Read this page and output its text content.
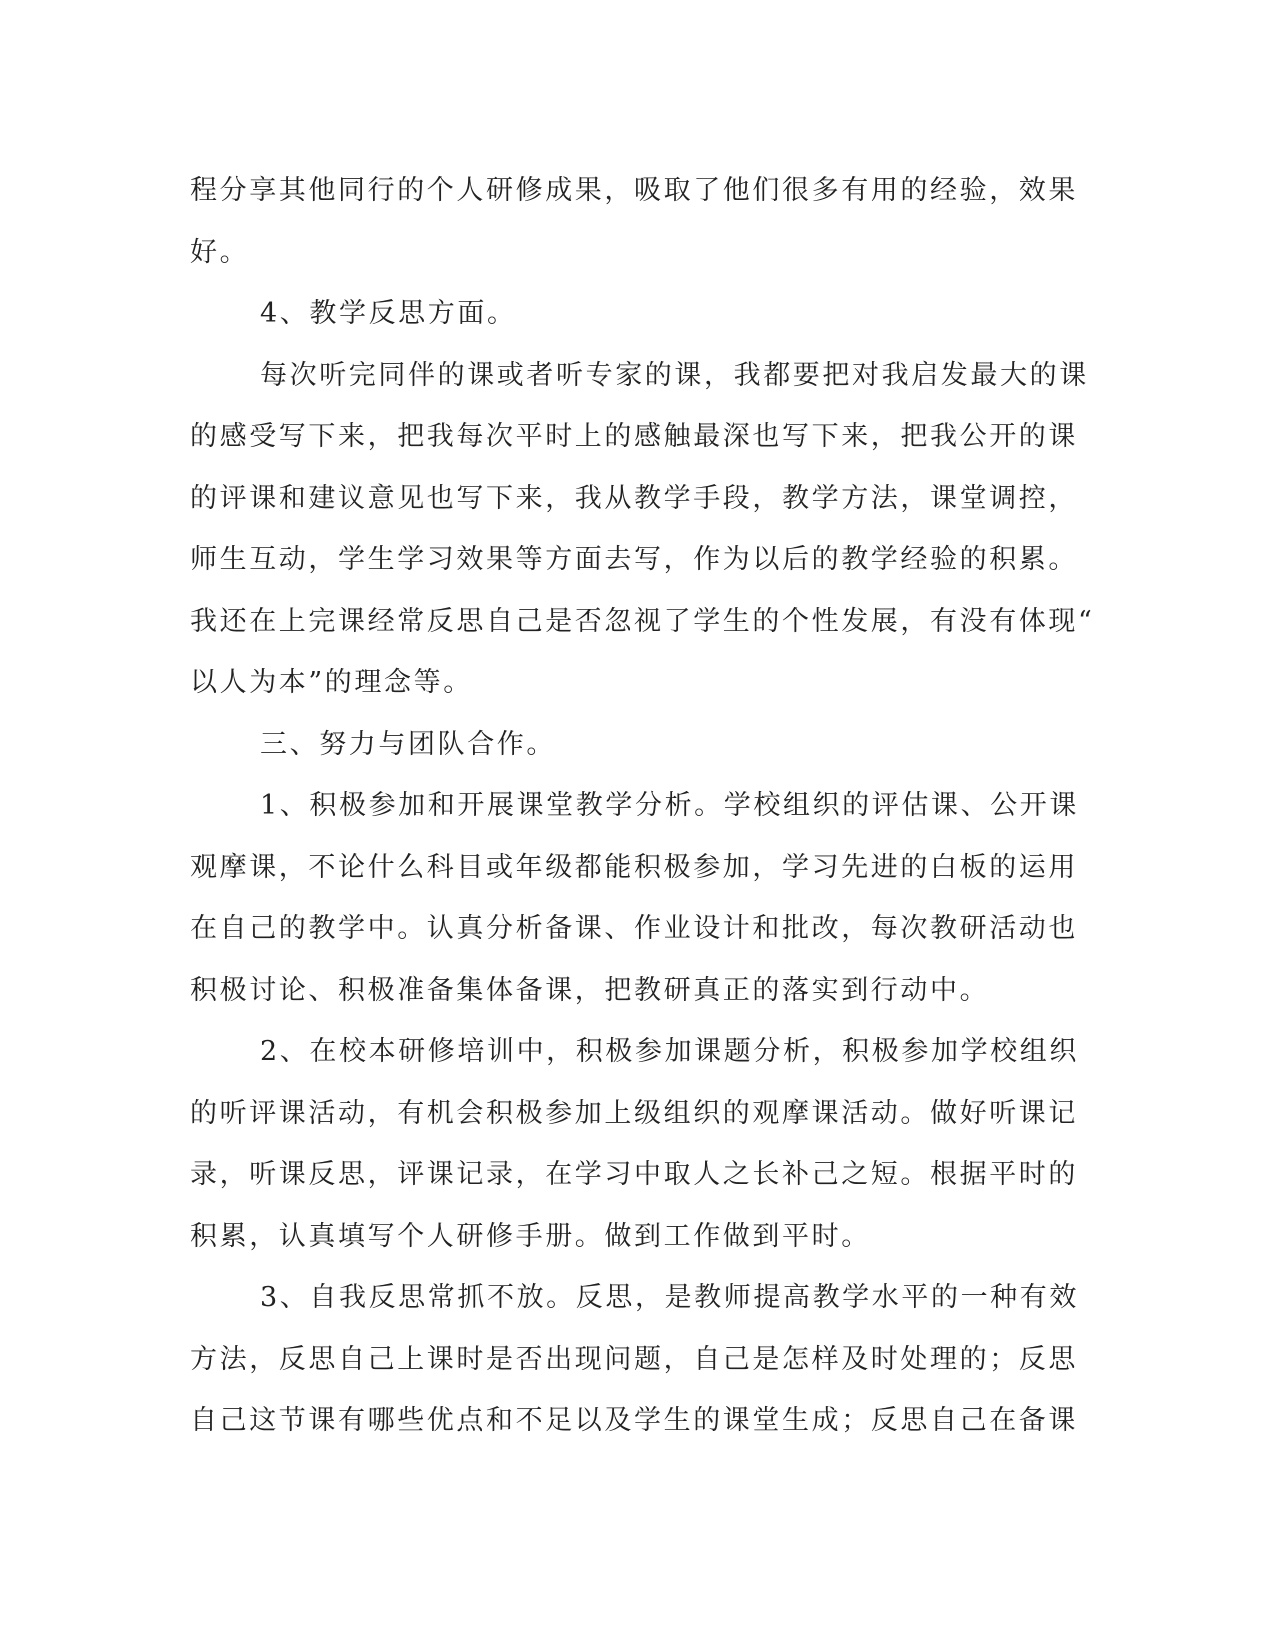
程分享其他同行的个人研修成果，吸取了他们很多有用的经验，效果
好。
4、教学反思方面。
每次听完同伴的课或者听专家的课，我都要把对我启发最大的课
的感受写下来，把我每次平时上的感触最深也写下来，把我公开的课
的评课和建议意见也写下来，我从教学手段，教学方法，课堂调控，
师生互动，学生学习效果等方面去写，作为以后的教学经验的积累。
我还在上完课经常反思自己是否忽视了学生的个性发展，有没有体现“
以人为本”的理念等。
三、努力与团队合作。
1、积极参加和开展课堂教学分析。学校组织的评估课、公开课
观摩课，不论什么科目或年级都能积极参加，学习先进的白板的运用
在自己的教学中。认真分析备课、作业设计和批改，每次教研活动也
积极讨论、积极准备集体备课，把教研真正的落实到行动中。
2、在校本研修培训中，积极参加课题分析，积极参加学校组织
的听评课活动，有机会积极参加上级组织的观摩课活动。做好听课记
录，听课反思，评课记录，在学习中取人之长补己之短。根据平时的
积累，认真填写个人研修手册。做到工作做到平时。
3、自我反思常抓不放。反思，是教师提高教学水平的一种有效
方法，反思自己上课时是否出现问题，自己是怎样及时处理的；反思
自己这节课有哪些优点和不足以及学生的课堂生成；反思自己在备课
